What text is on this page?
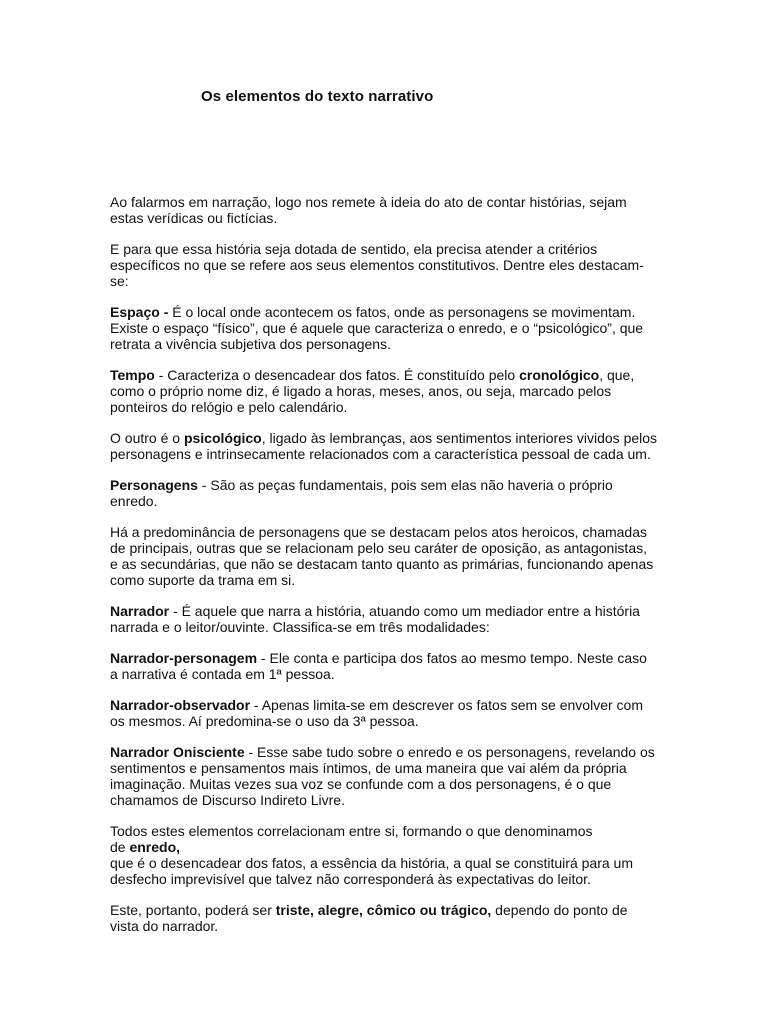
Os elementos do texto narrativo

Ao falarmos em narração, logo nos remete à ideia do ato de contar histórias, sejam estas verídicas ou fictícias.

E para que essa história seja dotada de sentido, ela precisa atender a critérios específicos no que se refere aos seus elementos constitutivos. Dentre eles destacam-se:

Espaço - É o local onde acontecem os fatos, onde as personagens se movimentam. Existe o espaço “físico”, que é aquele que caracteriza o enredo, e o “psicológico”, que retrata a vivência subjetiva dos personagens.

Tempo - Caracteriza o desencadear dos fatos. É constituído pelo cronológico, que, como o próprio nome diz, é ligado a horas, meses, anos, ou seja, marcado pelos ponteiros do relógio e pelo calendário.

O outro é o psicológico, ligado às lembranças, aos sentimentos interiores vividos pelos personagens e intrinsecamente relacionados com a característica pessoal de cada um.

Personagens - São as peças fundamentais, pois sem elas não haveria o próprio enredo.

Há a predominância de personagens que se destacam pelos atos heroicos, chamadas de principais, outras que se relacionam pelo seu caráter de oposição, as antagonistas, e as secundárias, que não se destacam tanto quanto as primárias, funcionando apenas como suporte da trama em si.

Narrador - É aquele que narra a história, atuando como um mediador entre a história narrada e o leitor/ouvinte. Classifica-se em três modalidades:

Narrador-personagem - Ele conta e participa dos fatos ao mesmo tempo. Neste caso a narrativa é contada em 1ª pessoa.

Narrador-observador - Apenas limita-se em descrever os fatos sem se envolver com os mesmos. Aí predomina-se o uso da 3ª pessoa.

Narrador Onisciente - Esse sabe tudo sobre o enredo e os personagens, revelando os sentimentos e pensamentos mais íntimos, de uma maneira que vai além da própria imaginação. Muitas vezes sua voz se confunde com a dos personagens, é o que chamamos de Discurso Indireto Livre.

Todos estes elementos correlacionam entre si, formando o que denominamos
de enredo,
que é o desencadear dos fatos, a essência da história, a qual se constituirá para um desfecho imprevisível que talvez não corresponderá às expectativas do leitor.

Este, portanto, poderá ser triste, alegre, cômico ou trágico, dependo do ponto de vista do narrador.
